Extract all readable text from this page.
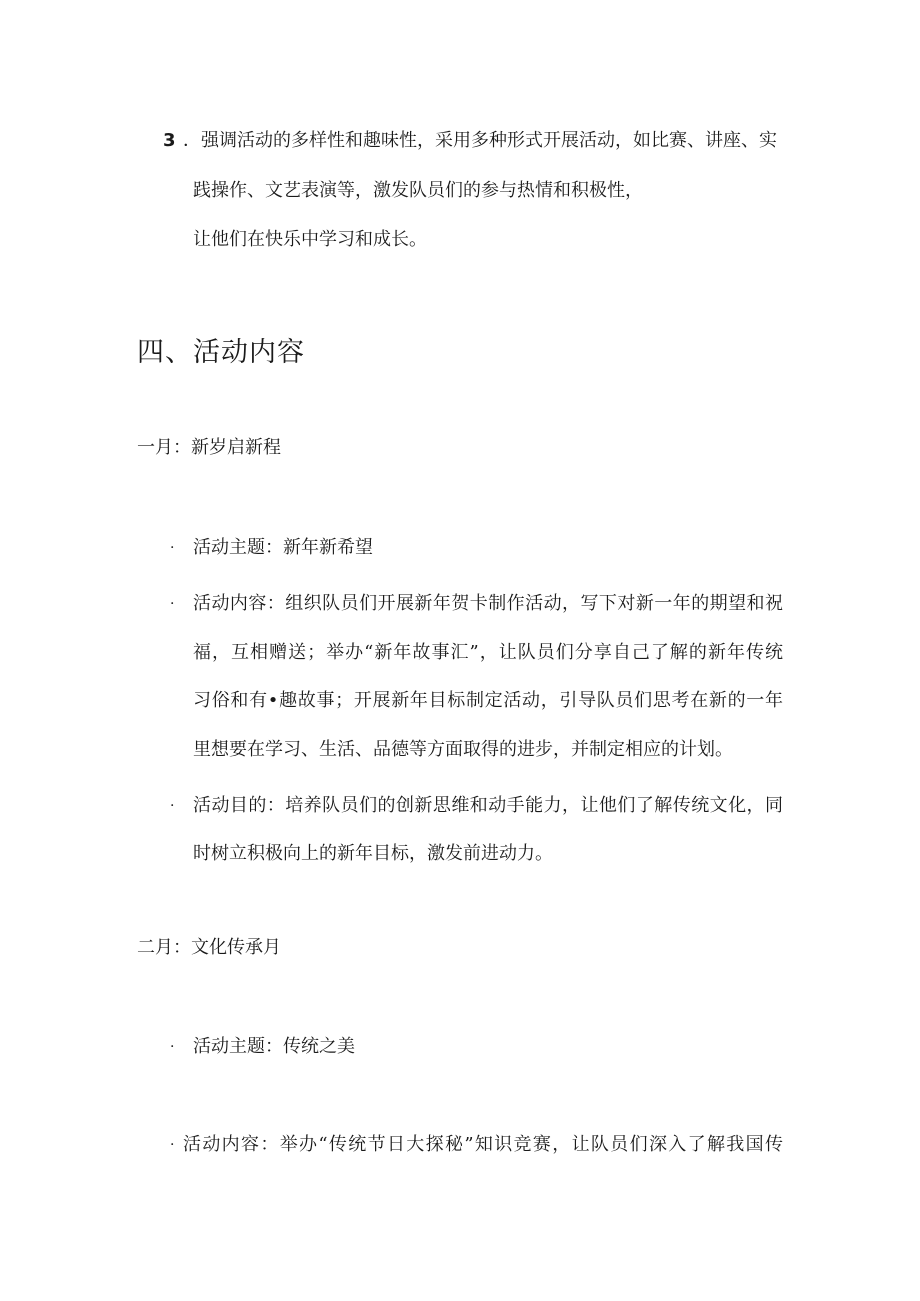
3 ．强调活动的多样性和趣味性，采用多种形式开展活动，如比赛、讲座、实
践操作、文艺表演等，激发队员们的参与热情和积极性，
让他们在快乐中学习和成长。
四、活动内容
一月：新岁启新程
· 活动主题：新年新希望
· 活动内容：组织队员们开展新年贺卡制作活动，写下对新一年的期望和祝
福，互相赠送；举办“新年故事汇”，让队员们分享自己了解的新年传统
习俗和有•趣故事；开展新年目标制定活动，引导队员们思考在新的一年
里想要在学习、生活、品德等方面取得的进步，并制定相应的计划。
· 活动目的：培养队员们的创新思维和动手能力，让他们了解传统文化，同
时树立积极向上的新年目标，激发前进动力。
二月：文化传承月
· 活动主题：传统之美
· 活动内容：举办“传统节日大探秘”知识竞赛，让队员们深入了解我国传
